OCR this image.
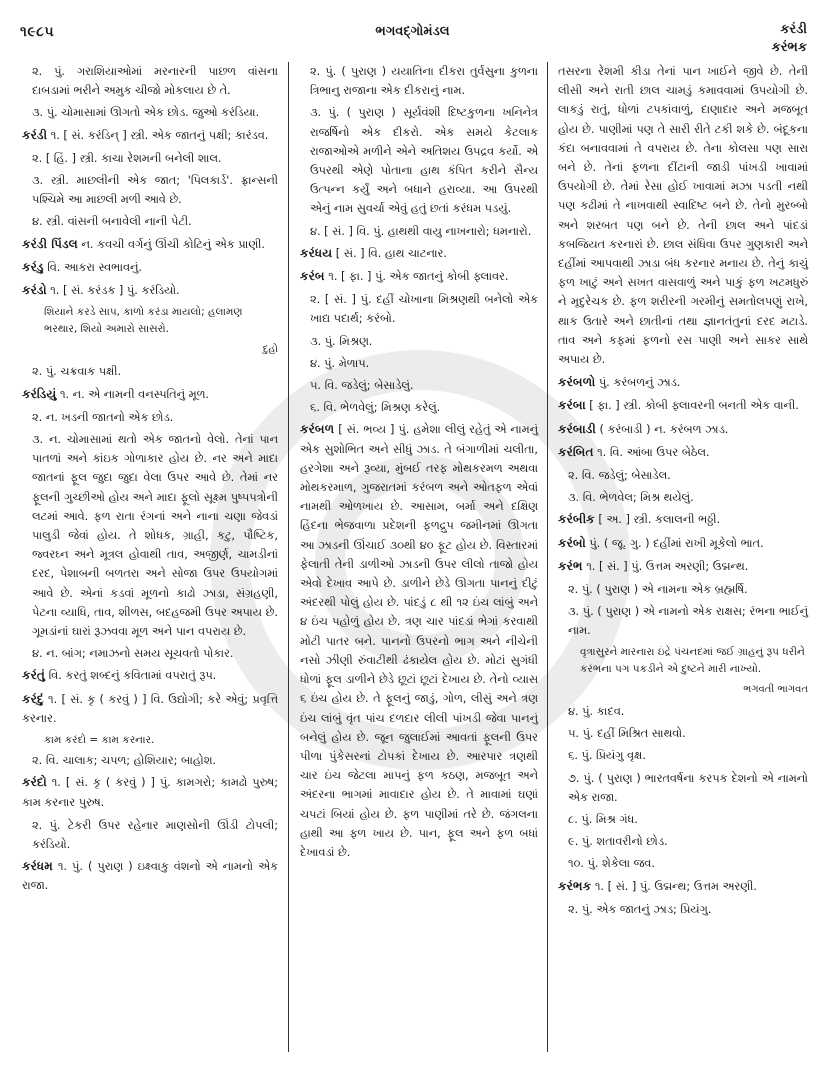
૧૯૮૫	ભગવદ્ગોમંડલ	કરંડી
કરંભક
૨. પું. ગરાશિયાઓમાં મરનારની પાછળ વાંસના દાબડામાં ભરીને અમુક ચીજો મોકલાય છે તે.
૩. પું. ચોમાસામાં ઊગતો એક છોડ. જુઓ કરંડિયા.
કરંડી ૧. [ સં. કરંડિન્ ] સ્ત્રી. એક જાતનું પક્ષી; કારંડવ.
૨. [ હિં. ] સ્ત્રી. કાચા રેશમની બનેલી શાલ.
૩. સ્ત્રી. માછલીની એક જાત; 'પિલકાર્ડ'. ફ્રાન્સની પશ્ચિમે આ માછલી મળી આવે છે.
૪. સ્ત્રી. વાંસની બનાવેલી નાની પેટી.
કરંડી પિંડલ ન. કવચી વર્ગનું ઊંચી કોટિનું એક પ્રાણી.
કરંડુ વિ. આકરા સ્વભાવનું.
કરંડો ૧. [ સં. કરંડક ] પું. કરંડિયો.
શિયાને કરડે સાપ, કાળો કરંડા માયલો; હલામણ ભરથાર, શિયો અમારો સાસરો.
દુહો
૨. પું. ચક્રવાક પક્ષી.
કરંડિયું ૧. ન. એ નામની વનસ્પતિનું મૂળ.
૨. ન. ખડની જાતનો એક છોડ.
૩. ન. ચોમાસામાં થતો એક જાતનો વેલો. તેનાં પાન પાતળાં અને કાંઇક ગોળાકાર હોય છે. નર અને માદા જાતનાં ફૂલ જુદા જુદા વેલા ઉપર આવે છે. તેમાં નર ફૂલની ગુચ્છીઓ હોય અને માદા ફૂલો સૂક્ષ્મ પુષ્પપત્રોની લટમાં આવે. ફળ રાતા રંગનાં અને નાના ચણા જેવડાં પાલુડી જેવાં હોય. તે શોધક, ગ્રાહી, કટુ, પૌષ્ટિક, જ્વરઘ્ન અને મૂત્રલ હોવાથી તાવ, અજીર્ણ, ચામડીનાં દરદ, પેશાબની બળતરા અને સોજા ઉપર ઉપયોગમાં આવે છે. એનાં કડવાં મૂળનો કાઢો ઝાડા, સંગ્રહણી, પેટના વ્યાધિ, તાવ, શીળસ, બદહજમી ઉપર અપાય છે. ગૂમડાંનાં ઘારાં રૂઝવવા મૂળ અને પાન વપરાય છે.
૪. ન. બાંગ; નમાઝનો સમય સૂચવતો પોકાર.
કરંતું વિ. કરતું શબ્દનું કવિતામાં વપરાતું રૂપ.
કરંદું ૧. [ સં. કૃ ( કરવું ) ] વિ. ઉદ્યોગી; કરે એવું; પ્રવૃત્તિ કરનાર.
કામ કરંદો = કામ કરનાર.
૨. વિ. ચાલાક; ચપળ; હોશિયાર; બાહોશ.
કરંદો ૧. [ સં. કૃ ( કરવું ) ] પું. કામગરો; કામઢો પુરુષ; કામ કરનાર પુરુષ.
૨. પું. ટેકરી ઉપર રહેનાર માણસોની ઊંડી ટોપલી; કરંડિયો.
કરંધમ ૧. પું. ( પુરાણ ) ઇક્ષ્વાકુ વંશનો એ નામનો એક રાજા.
૨. પું. ( પુરાણ ) યયાતિના દીકરા તુર્વસુના કુળના ત્રિભાનુ રાજાના એક દીકરાનું નામ.
૩. પું. ( પુરાણ ) સૂર્યવંશી દિષ્ટકુળના ખનિનેત્ર રાજર્ષિનો એક દીકરો. એક સમયે કેટલાક રાજાઓએ મળીને એને અતિશય ઉપદ્રવ કર્યો. એ ઉપરથી એણે પોતાના હાથ કંપિત કરીને સૈન્ય ઉત્પન્ન કર્યું અને બધાને હરાવ્યા. આ ઉપરથી એનું નામ સુવર્ચા એવું હતું છતાં કરંધમ પડયું.
૪. [ સં. ] વિ. પું. હાથથી વાયુ નાખનારો; ધમનારો.
કરંધય [ સં. ] વિ. હાથ ચાટનાર.
કરંબ ૧. [ ફા. ] પું. એક જાતનું કોબી ફ્લાવર.
૨. [ સં. ] પું. દહીં ચોખાના મિશ્રણથી બનેલો એક ખાદ્ય પદાર્થ; કરંબો.
૩. પું. મિશ્રણ.
૪. પું. મેળાપ.
૫. વિ. જડેલું; બેસાડેલું.
૬. વિ. ભેળવેલું; મિશ્રણ કરેલું.
કરંબળ [ સં. ભવ્ય ] પું. હમેશા લીલું રહેતું એ નામનું એક સુશોભિત અને સીધું ઝાડ. તે બંગાળીમાં ચલીતા, હરગેશા અને રૂવ્યા, મુંબઈ તરફ મોથકરમળ અથવા મોથકરમાળ, ગુજરાતમાં કરંબળ અને ઓતફળ એવાં નામથી ઓળખાય છે. આસામ, બર્મા અને દક્ષિણ હિંદના ભેજવાળા પ્રદેશની ફળદ્રુપ જમીનમાં ઊગતા આ ઝાડની ઊંચાઈ ૩૦થી ૪૦ ફૂટ હોય છે. વિસ્તારમાં ફેલાતી તેની ડાળીઓ ઝાડની ઉપર લીલો તાજો હોય એવો દેખાવ આપે છે. ડાળીને છેડે ઊગતા પાનનું દીટું અંદરથી પોલું હોય છે. પાંદડું ૮ થી ૧૨ ઇંચ લાંબું અને ૪ ઇંચ પહોળું હોય છે. ત્રણ ચાર પાંદડાં ભેગાં કરવાથી મોટી પાતર બને. પાનનો ઉપરનો ભાગ અને નીચેની નસો ઝીણી રુંવાટીથી ઢંકાયેલ હોય છે. મોટાં સુગંધી ધોળાં ફૂલ ડાળીને છેડે છૂટાં છૂટાં દેખાય છે. તેનો વ્યાસ ૬ ઇંચ હોય છે. તે ફૂલનું જાડું, ગોળ, લીસું અને ત્રણ ઇંચ લાંબું વૃંત પાંચ દળદાર લીલી પાંખડી જેવા પાનનું બનેલું હોય છે. જૂન જુલાઈમાં આવતાં ફૂલની ઉપર પીળા પુંકેસરનાં ટોપકાં દેખાય છે. આરપાર ત્રણથી ચાર ઇંચ જેટલા માપનું ફળ કઠણ, મજબૂત અને અંદરના ભાગમાં માવાદાર હોય છે. તે માવામાં ઘણાં ચપટાં બિયાં હોય છે. ફળ પાણીમાં તરે છે. જંગલના હાથી આ ફળ ખાય છે. પાન, ફૂલ અને ફળ બધાં દેખાવડાં છે.
તસરના રેશમી કીડા તેનાં પાન ખાઈને જીવે છે. તેની લીસી અને રાતી છાલ ચામડું કમાવવામાં ઉપયોગી છે. લાકડું રાતું, ધોળાં ટપકાંવાળું, દાણાદાર અને મજબૂત હોય છે. પાણીમાં પણ તે સારી રીતે ટકી શકે છે. બંદૂકના કંદા બનાવવામાં તે વપરાય છે. તેના કોલસા પણ સારા બને છે. તેનાં ફળના દીંટાની જાડી પાંખડી ખાવામાં ઉપયોગી છે. તેમાં રેસા હોઈ ખાવામાં મઝા પડતી નથી પણ કઢીમાં તે નાખવાથી સ્વાદિષ્ટ બને છે. તેનો મુરબ્બો અને શરબત પણ બને છે. તેની છાલ અને પાંદડાં કબજિયત કરનારાં છે. છાલ સંધિવા ઉપર ગુણકારી અને દહીંમાં આપવાથી ઝાડા બંધ કરનાર મનાય છે. તેનું કાચું ફળ ખાટું અને સખત વાસવાળું અને પાકું ફળ ખટમધુરું ને મૃદુરેચક છે. ફળ શરીરની ગરમીનું સમતોલપણું રાખે, થાક ઉતારે અને છાતીનાં તથા જ્ઞાનતંતુનાં દરદ મટાડે. તાવ અને કફમાં ફળનો રસ પાણી અને સાકર સાથે અપાય છે.
કરંબળો પું. કરંબળનું ઝાડ.
કરંબા [ ફા. ] સ્ત્રી. કોબી ફ્લાવરની બનતી એક વાની.
કરંબાડી ( કરંબાડી ) ન. કરંબળ ઝાડ.
કરંબિત ૧. વિ. આંબા ઉપર બેઠેલ.
૨. વિ. જડેલું; બેસાડેલ.
૩. વિ. ભેળવેલ; મિશ્ર થયેલું.
કરંબીક [ અ. ] સ્ત્રી. કલાલની ભઠ્ઠી.
કરંબો પું. ( જૂ. ગુ. ) દહીંમાં રાખી મૂકેલો ભાત.
કરંભ ૧. [ સં. ] પું. ઉત્તમ અરણી; ઉદ્મન્થ.
૨. પું. ( પુરાણ ) એ નામના એક બ્રહ્મર્ષિ.
૩. પું. ( પુરાણ ) એ નામનો એક રાક્ષસ; રંભના ભાઈનું નામ.
વૃત્રાસુરને મારનારા ઇંદ્રે પંચનદમાં જઈ ગ્રાહનું રૂપ ધરીને કરંભના પગ પકડીને એ દુષ્ટને મારી નાખ્યો.
ભગવતી ભાગવત
૪. પું. કાદવ.
૫. પું. દહીં મિશ્રિત સાથવો.
૬. પું. પ્રિયંગુ વૃક્ષ.
૭. પું. ( પુરાણ ) ભારતવર્ષના કરપક દેશનો એ નામનો એક રાજા.
૮. પું. મિશ્ર ગંધ.
૯. પું. શતાવરીનો છોડ.
૧૦. પું. શેકેલા જવ.
કરંભક ૧. [ સં. ] પું. ઉદ્મન્થ; ઉત્તમ અરણી.
૨. પું. એક જાતનું ઝાડ; પ્રિયંગુ.
